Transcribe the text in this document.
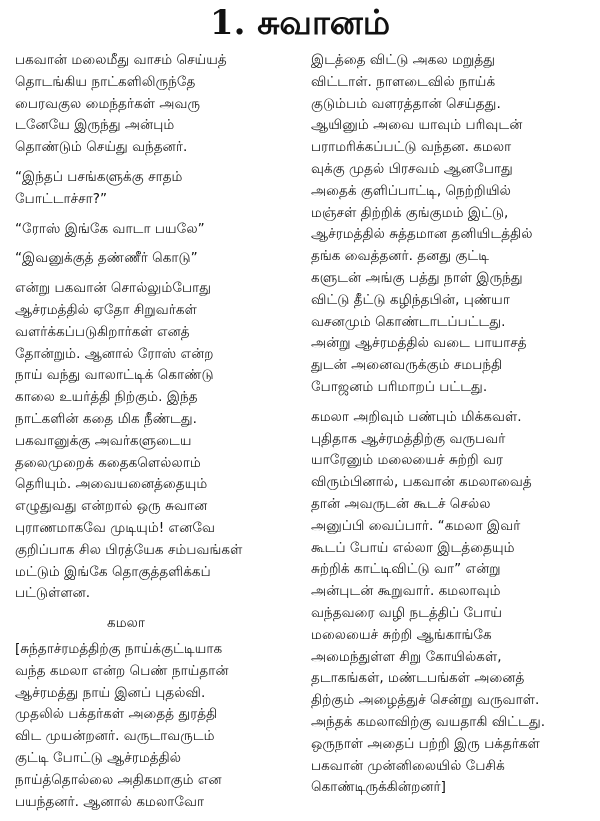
1. சுவானம்
பகவான் மலைமீது வாசம் செய்யத்
தொடங்கிய நாட்களிலிருந்தே
பைரவகுல மைந்தர்கள் அவரு
டனேயே இருந்து அன்பும்
தொண்டும் செய்து வந்தனர்.
“இந்தப் பசங்களுக்கு சாதம்
போட்டாச்சா?”
“ரோஸ் இங்கே வாடா பயலே”
“இவனுக்குத் தண்ணீர் கொடு”
என்று பகவான் சொல்லும்போது
ஆச்ரமத்தில் ஏதோ சிறுவர்கள்
வளர்க்கப்படுகிறார்கள் எனத்
தோன்றும். ஆனால் ரோஸ் என்ற
நாய் வந்து வாலாட்டிக் கொண்டு
காலை உயர்த்தி நிற்கும். இந்த
நாட்களின் கதை மிக நீண்டது.
பகவானுக்கு அவர்களுடைய
தலைமுறைக் கதைகளெல்லாம்
தெரியும். அவையனைத்தையும்
எழுதுவது என்றால் ஒரு சுவான
புராணமாகவே முடியும்! எனவே
குறிப்பாக சில பிரத்யேக சம்பவங்கள்
மட்டும் இங்கே தொகுத்தளிக்கப்
பட்டுள்ளன.
கமலா
[சுந்தாச்ரமத்திற்கு நாய்க்குட்டியாக
வந்த கமலா என்ற பெண் நாய்தான்
ஆச்ரமத்து நாய் இனப் புதல்வி.
முதலில் பக்தர்கள் அதைத் துரத்தி
விட முயன்றனர். வருடாவருடம்
குட்டி போட்டு ஆச்ரமத்தில்
நாய்த்தொல்லை அதிகமாகும் என
பயந்தனர். ஆனால் கமலாவோ
இடத்தை விட்டு அகல மறுத்து
விட்டாள். நாளடைவில் நாய்க்
குடும்பம் வளரத்தான் செய்தது.
ஆயினும் அவை யாவும் பரிவுடன்
பராமரிக்கப்பட்டு வந்தன. கமலா
வுக்கு முதல் பிரசவம் ஆனபோது
அதைக் குளிப்பாட்டி, நெற்றியில்
மஞ்சள் திற்றிக் குங்குமம் இட்டு,
ஆச்ரமத்தில் சுத்தமான தனியிடத்தில்
தங்க வைத்தனர். தனது குட்டி
களுடன் அங்கு பத்து நாள் இருந்து
விட்டு தீட்டு கழிந்தபின், புண்யா
வசனமும் கொண்டாடப்பட்டது.
அன்று ஆச்ரமத்தில் வடை பாயாசத்
துடன் அனைவருக்கும் சமபந்தி
போஜனம் பரிமாறப் பட்டது.
கமலா அறிவும் பண்பும் மிக்கவள்.
புதிதாக ஆச்ரமத்திற்கு வருபவர்
யாரேனும் மலையைச் சுற்றி வர
விரும்பினால், பகவான் கமலாவைத்
தான் அவருடன் கூடச் செல்ல
அனுப்பி வைப்பார். “கமலா இவர்
கூடப் போய் எல்லா இடத்தையும்
சுற்றிக் காட்டிவிட்டு வா” என்று
அன்புடன் கூறுவார். கமலாவும்
வந்தவரை வழி நடத்திப் போய்
மலையைச் சுற்றி ஆங்காங்கே
அமைந்துள்ள சிறு கோயில்கள்,
தடாகங்கள், மண்டபங்கள் அனைத்
திற்கும் அழைத்துச் சென்று வருவாள்.
அந்தக் கமலாவிற்கு வயதாகி விட்டது.
ஒருநாள் அதைப் பற்றி இரு பக்தர்கள்
பகவான் முன்னிலையில் பேசிக்
கொண்டிருக்கின்றனர்]
